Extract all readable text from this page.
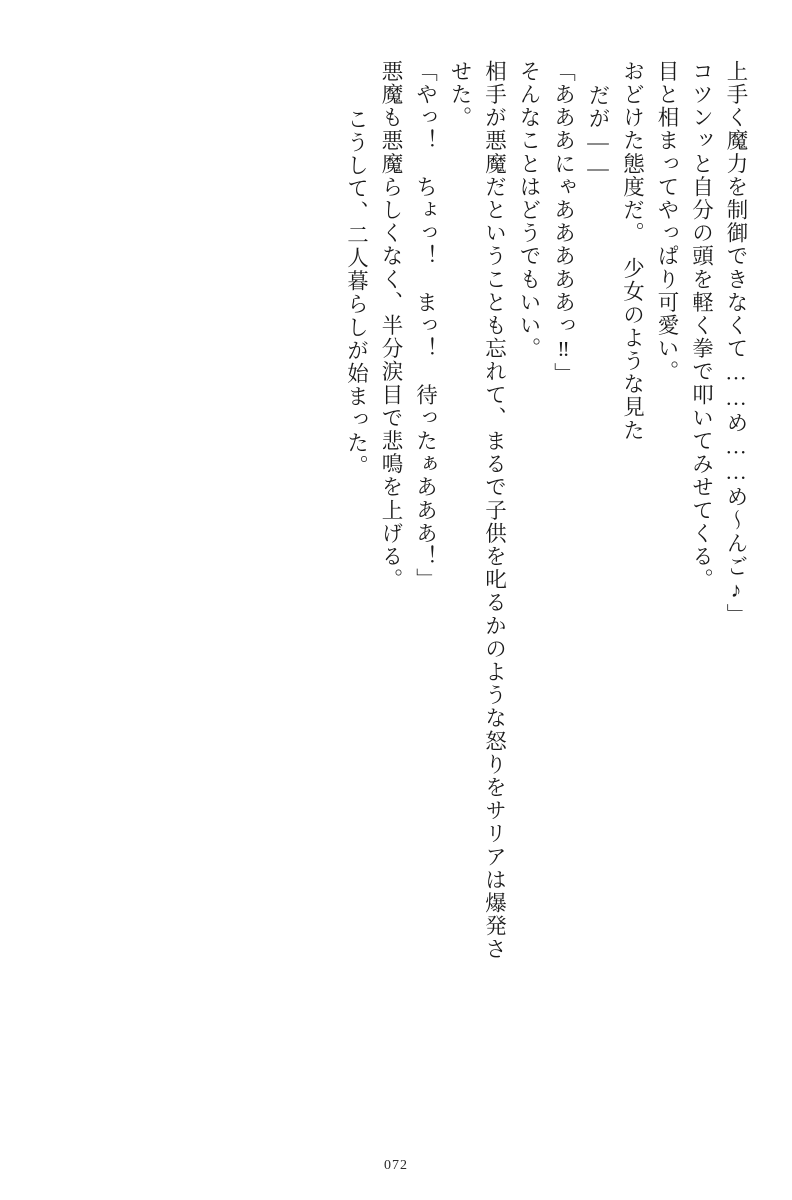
上手く魔力を制御できなくて……め……め～んご♪」
コツンッと自分の頭を軽く拳で叩いてみせてくる。
目と相まってやっぱり可愛い。
おどけた態度だ。　少女のような見た
だが――
「あああにゃあああああっ‼」
そんなことはどうでもいい。
相手が悪魔だということも忘れて、まるで子供を叱るかのような怒りをサリアは爆発さ
せた。
「やっ！　ちょっ！　まっ！　待ったぁあああ！」
悪魔も悪魔らしくなく、半分涙目で悲鳴を上げる。
こうして、二人暮らしが始まった。
072
